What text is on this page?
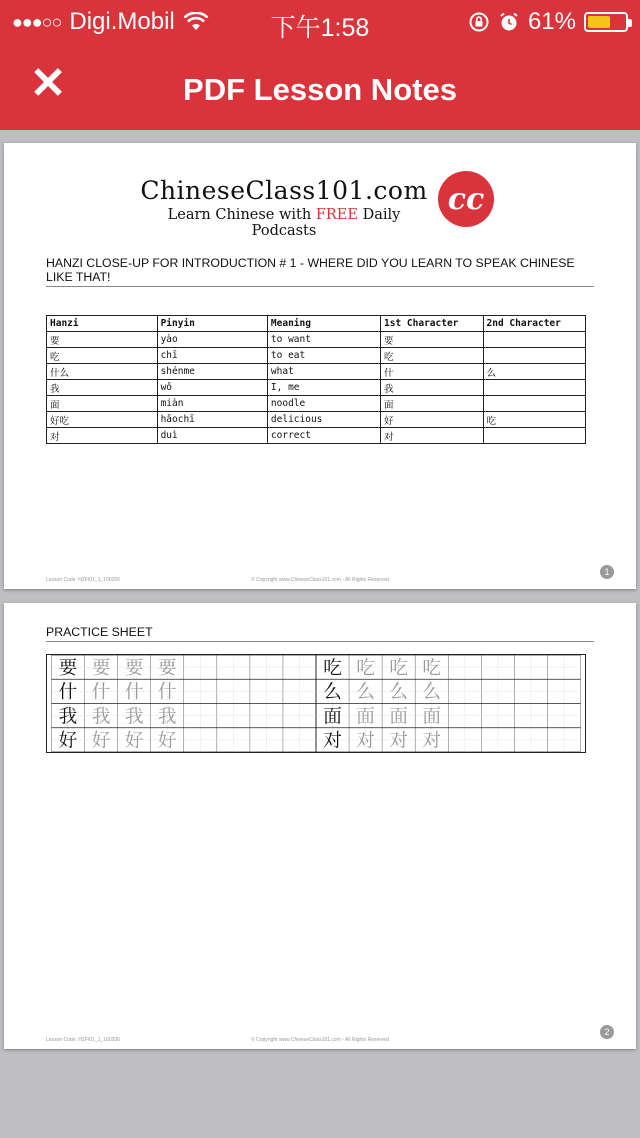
●●●○○ Digi.Mobil	下午1:58	61%
✕	PDF Lesson Notes
ChineseClass101.com
Learn Chinese with FREE Daily Podcasts
cc
HANZI CLOSE-UP FOR INTRODUCTION # 1 - WHERE DID YOU LEARN TO SPEAK CHINESE LIKE THAT!
Hanzi	Pinyin	Meaning	1st Character	2nd Character
要	yào	to want	要	
吃	chī	to eat	吃	
什么	shénme	what	什	么
我	wǒ	I, me	我	
面	miàn	noodle	面	
好吃	hǎochī	delicious	好	吃
对	duì	correct	对	
Lesson Code: HZFI01_1_100206	© Copyright www.ChineseClass101.com - All Rights Reserved
1
PRACTICE SHEET
要 要 要 要	吃 吃 吃 吃
什 什 什 什	么 么 么 么
我 我 我 我	面 面 面 面
好 好 好 好	对 对 对 对
Lesson Code: HZFI01_1_100206	© Copyright www.ChineseClass101.com - All Rights Reserved
2
